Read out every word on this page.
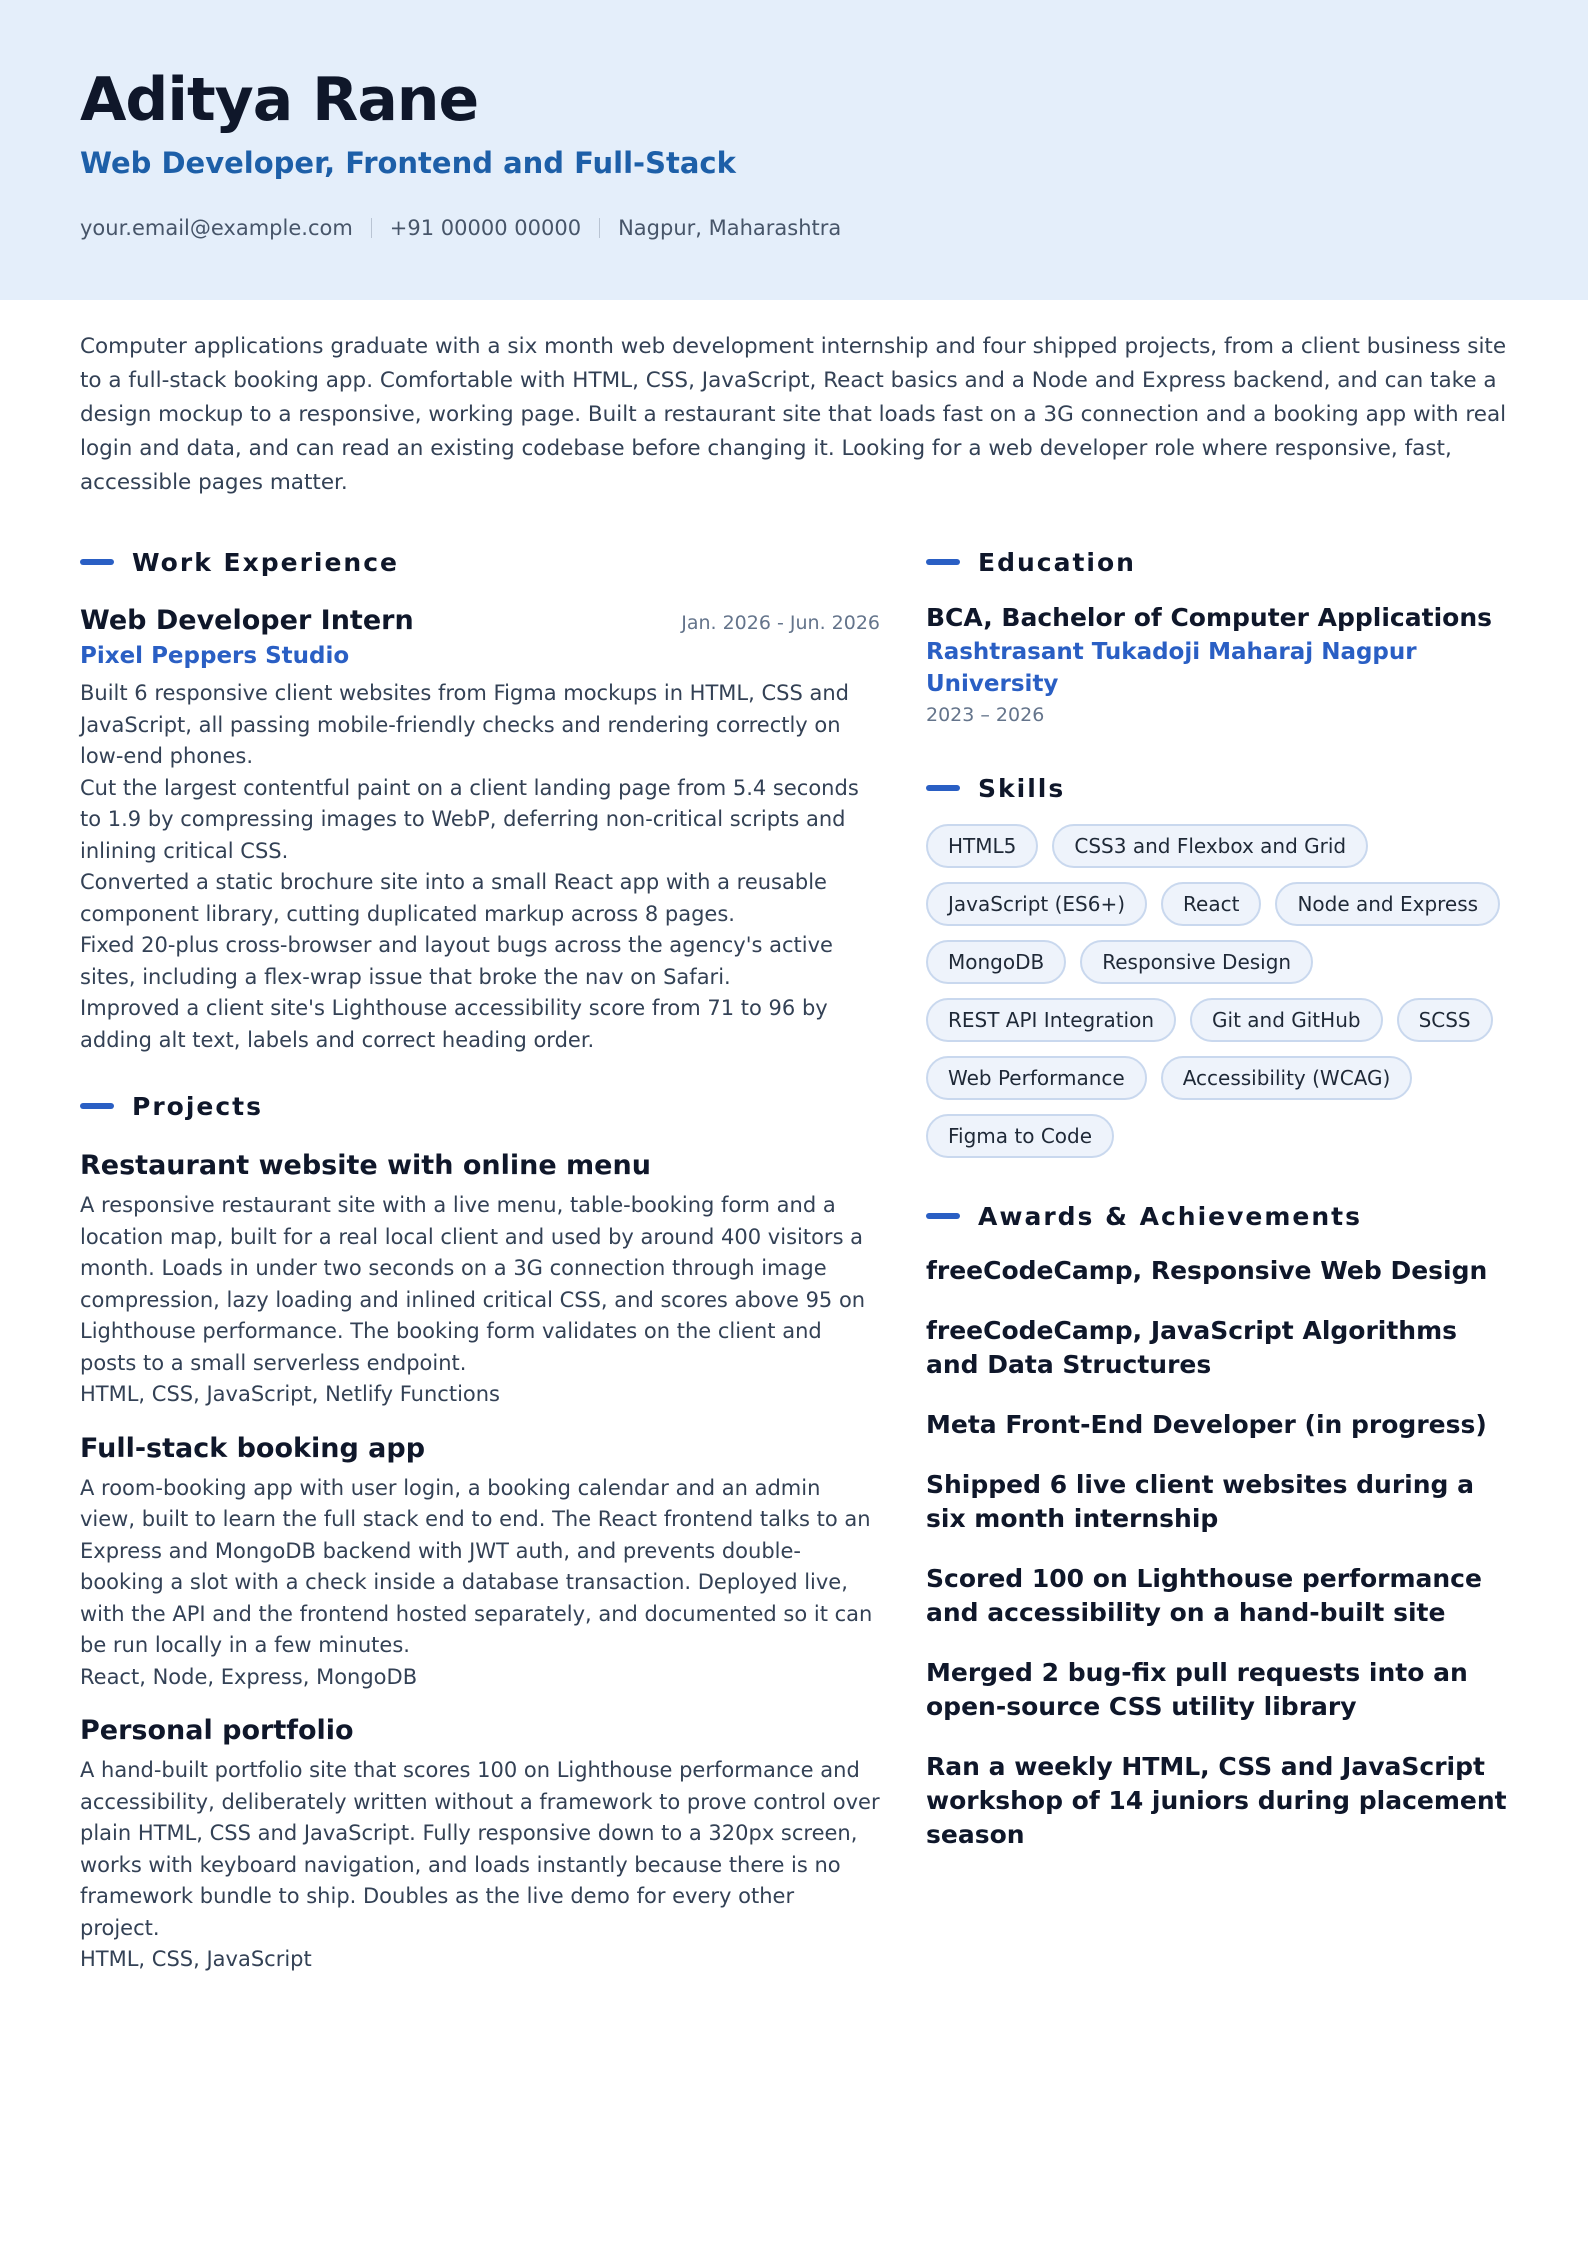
Aditya Rane
Web Developer, Frontend and Full-Stack
your.email@example.com +91 00000 00000 Nagpur, Maharashtra
Computer applications graduate with a six month web development internship and four shipped projects, from a client business site to a full-stack booking app. Comfortable with HTML, CSS, JavaScript, React basics and a Node and Express backend, and can take a design mockup to a responsive, working page. Built a restaurant site that loads fast on a 3G connection and a booking app with real login and data, and can read an existing codebase before changing it. Looking for a web developer role where responsive, fast, accessible pages matter.
Work Experience
Web Developer Intern	Jan. 2026 - Jun. 2026
Pixel Peppers Studio
Built 6 responsive client websites from Figma mockups in HTML, CSS and JavaScript, all passing mobile-friendly checks and rendering correctly on low-end phones.
Cut the largest contentful paint on a client landing page from 5.4 seconds to 1.9 by compressing images to WebP, deferring non-critical scripts and inlining critical CSS.
Converted a static brochure site into a small React app with a reusable component library, cutting duplicated markup across 8 pages.
Fixed 20-plus cross-browser and layout bugs across the agency's active sites, including a flex-wrap issue that broke the nav on Safari.
Improved a client site's Lighthouse accessibility score from 71 to 96 by adding alt text, labels and correct heading order.
Projects
Restaurant website with online menu
A responsive restaurant site with a live menu, table-booking form and a location map, built for a real local client and used by around 400 visitors a month. Loads in under two seconds on a 3G connection through image compression, lazy loading and inlined critical CSS, and scores above 95 on Lighthouse performance. The booking form validates on the client and posts to a small serverless endpoint.
HTML, CSS, JavaScript, Netlify Functions
Full-stack booking app
A room-booking app with user login, a booking calendar and an admin view, built to learn the full stack end to end. The React frontend talks to an Express and MongoDB backend with JWT auth, and prevents double-booking a slot with a check inside a database transaction. Deployed live, with the API and the frontend hosted separately, and documented so it can be run locally in a few minutes.
React, Node, Express, MongoDB
Personal portfolio
A hand-built portfolio site that scores 100 on Lighthouse performance and accessibility, deliberately written without a framework to prove control over plain HTML, CSS and JavaScript. Fully responsive down to a 320px screen, works with keyboard navigation, and loads instantly because there is no framework bundle to ship. Doubles as the live demo for every other project.
HTML, CSS, JavaScript
Education
BCA, Bachelor of Computer Applications
Rashtrasant Tukadoji Maharaj Nagpur University
2023 – 2026
Skills
HTML5	CSS3 and Flexbox and Grid
JavaScript (ES6+)	React	Node and Express
MongoDB	Responsive Design
REST API Integration	Git and GitHub	SCSS
Web Performance	Accessibility (WCAG)
Figma to Code
Awards & Achievements
freeCodeCamp, Responsive Web Design
freeCodeCamp, JavaScript Algorithms and Data Structures
Meta Front-End Developer (in progress)
Shipped 6 live client websites during a six month internship
Scored 100 on Lighthouse performance and accessibility on a hand-built site
Merged 2 bug-fix pull requests into an open-source CSS utility library
Ran a weekly HTML, CSS and JavaScript workshop of 14 juniors during placement season
